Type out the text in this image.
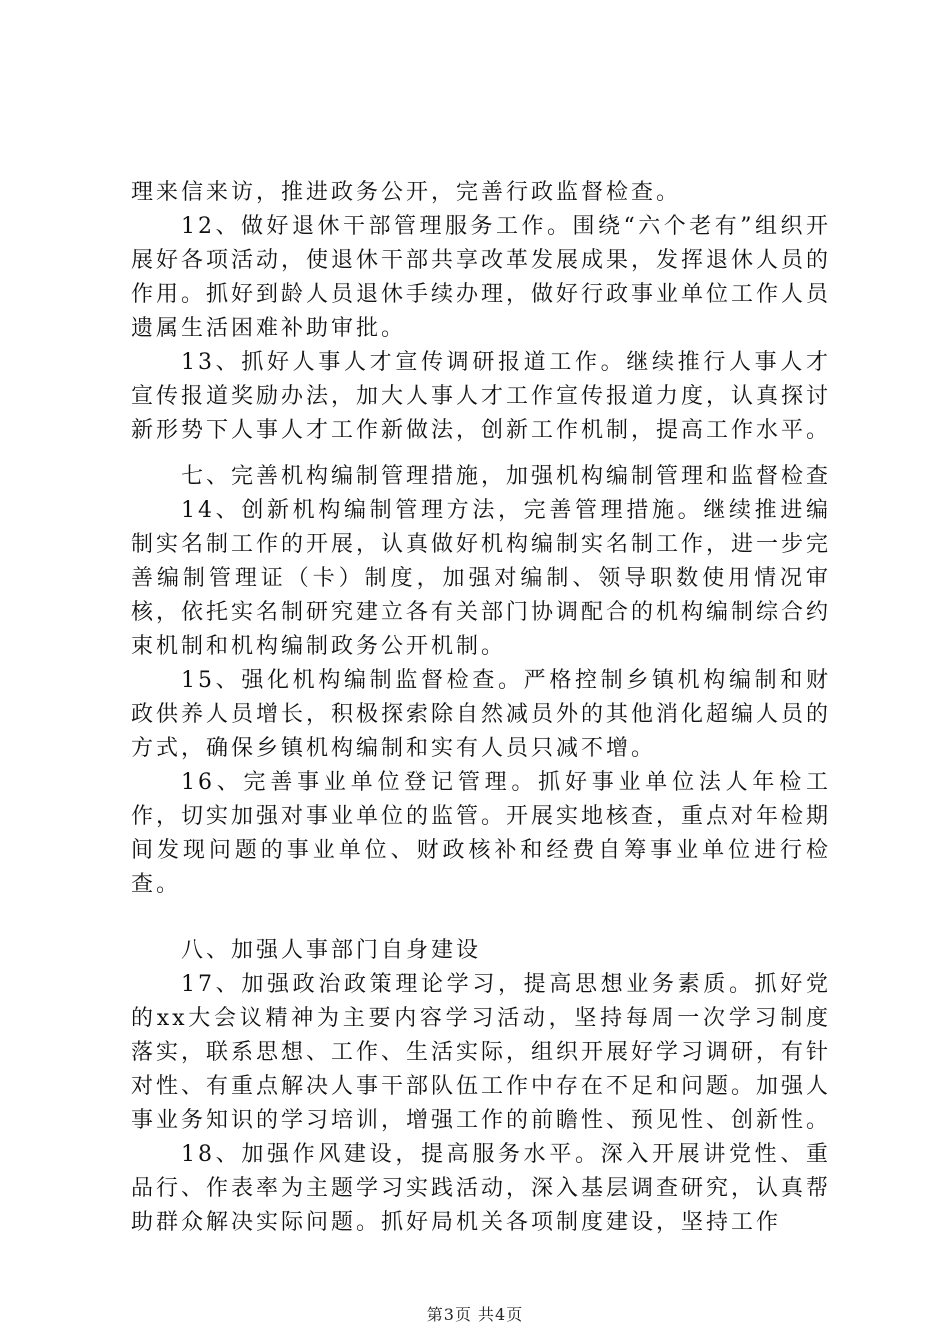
理来信来访，推进政务公开，完善行政监督检查。

12、做好退休干部管理服务工作。围绕“六个老有”组织开展好各项活动，使退休干部共享改革发展成果，发挥退休人员的作用。抓好到龄人员退休手续办理，做好行政事业单位工作人员遗属生活困难补助审批。

13、抓好人事人才宣传调研报道工作。继续推行人事人才宣传报道奖励办法，加大人事人才工作宣传报道力度，认真探讨新形势下人事人才工作新做法，创新工作机制，提高工作水平。

七、完善机构编制管理措施，加强机构编制管理和监督检查

14、创新机构编制管理方法，完善管理措施。继续推进编制实名制工作的开展，认真做好机构编制实名制工作，进一步完善编制管理证（卡）制度，加强对编制、领导职数使用情况审核，依托实名制研究建立各有关部门协调配合的机构编制综合约束机制和机构编制政务公开机制。

15、强化机构编制监督检查。严格控制乡镇机构编制和财政供养人员增长，积极探索除自然减员外的其他消化超编人员的方式，确保乡镇机构编制和实有人员只减不增。

16、完善事业单位登记管理。抓好事业单位法人年检工作，切实加强对事业单位的监管。开展实地核查，重点对年检期间发现问题的事业单位、财政核补和经费自筹事业单位进行检查。

八、加强人事部门自身建设

17、加强政治政策理论学习，提高思想业务素质。抓好党的xx大会议精神为主要内容学习活动，坚持每周一次学习制度落实，联系思想、工作、生活实际，组织开展好学习调研，有针对性、有重点解决人事干部队伍工作中存在不足和问题。加强人事业务知识的学习培训，增强工作的前瞻性、预见性、创新性。

18、加强作风建设，提高服务水平。深入开展讲党性、重品行、作表率为主题学习实践活动，深入基层调查研究，认真帮助群众解决实际问题。抓好局机关各项制度建设，坚持工作

第3页 共4页
